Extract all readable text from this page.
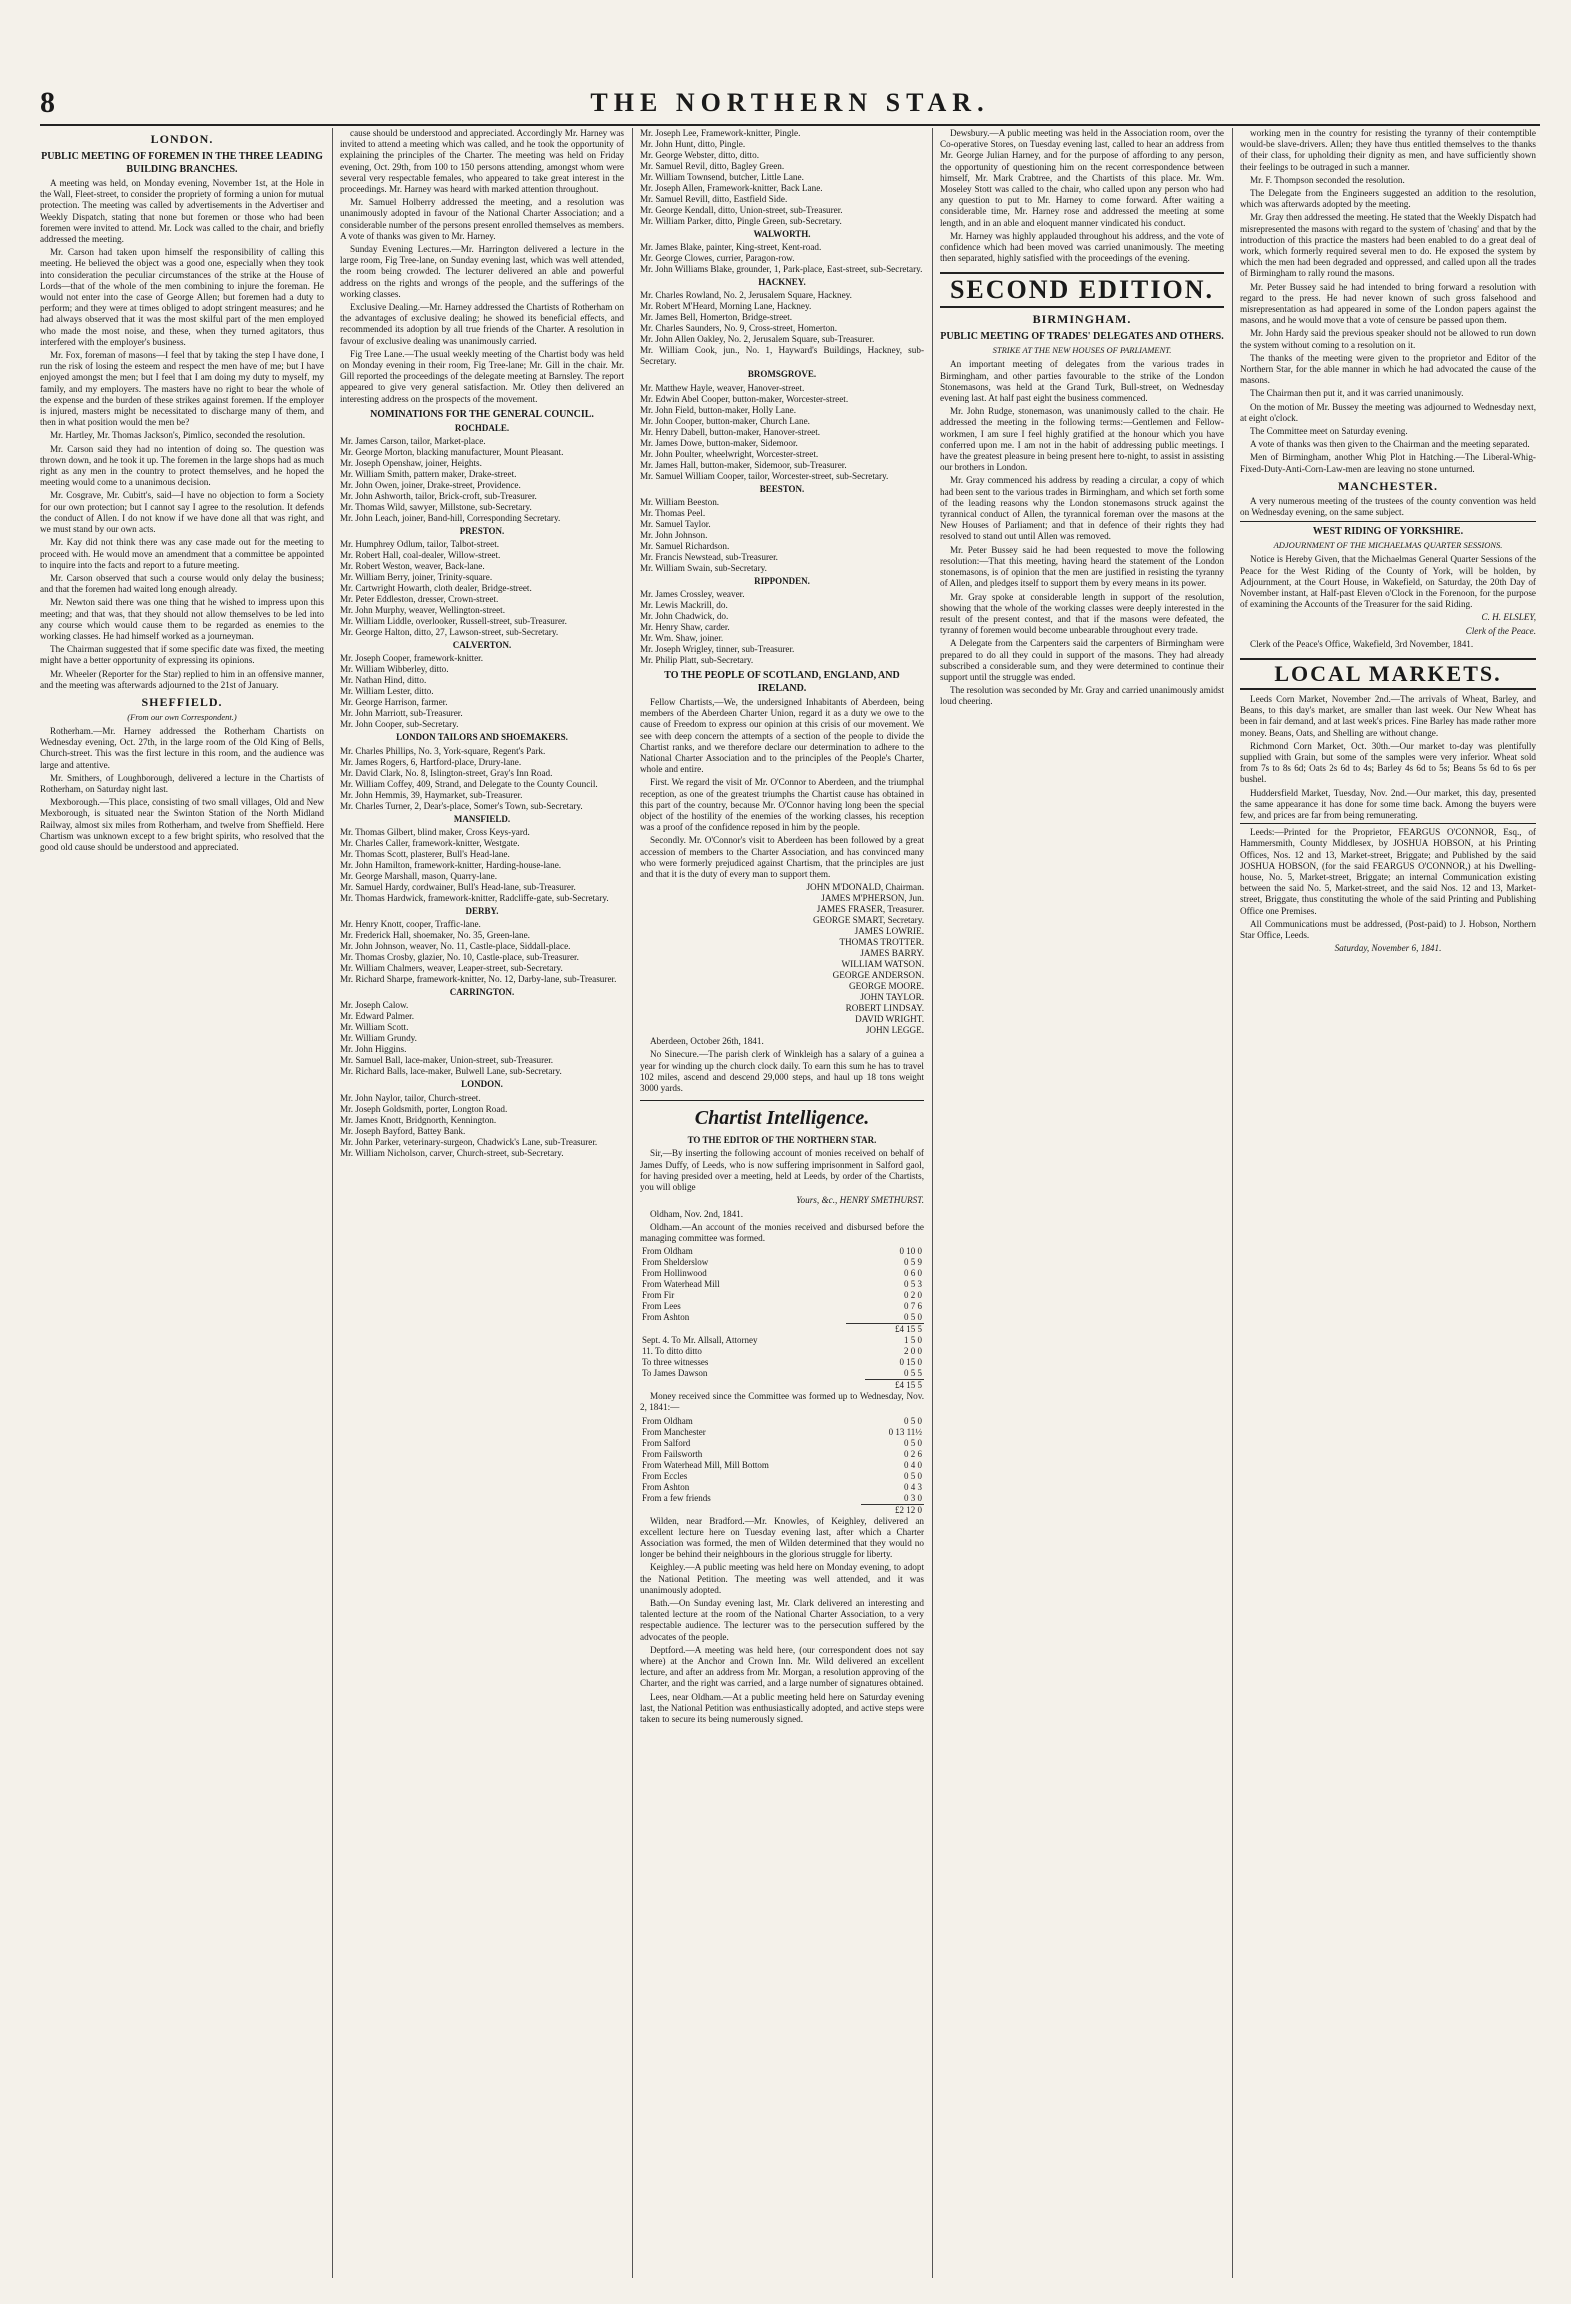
8	THE NORTHERN STAR.
LONDON.
PUBLIC MEETING OF FOREMEN IN THE THREE LEADING BUILDING BRANCHES.

A meeting was held, on Monday evening, November 1st, at the Hole in the Wall, Fleet-street, to consider the propriety of forming a union for mutual protection. The meeting was called by advertisements in the Advertiser and Weekly Dispatch, stating that none but foremen or those who had been foremen were invited to attend. Mr. Lock was called to the chair, and briefly addressed the meeting.

Mr. Carson had taken upon himself the responsibility of calling this meeting. He believed the object was a good one, especially when they took into consideration the peculiar circumstances of the strike at the House of Lords—that of the whole of the men combining to injure the foreman. He would not enter into the case of George Allen; but foremen had a duty to perform; and they were at times obliged to adopt stringent measures; and he had always observed that it was the most skilful part of the men employed who made the most noise, and these, when they turned agitators, thus interfered with the employer's business.

Mr. Fox, foreman of masons—I feel that by taking the step I have done, I run the risk of losing the esteem and respect the men have of me; but I have enjoyed amongst the men; but I feel that I am doing my duty to myself, my family, and my employers. The masters have no right to bear the whole of the expense and the burden of these strikes against foremen. If the employer is injured, masters might be necessitated to discharge many of them, and then in what position would the men be?

Mr. Hartley, Mr. Thomas Jackson's, Pimlico, seconded the resolution.

Mr. Carson said they had no intention of doing so. The question was thrown down, and he took it up. The foremen in the large shops had as much right as any men in the country to protect themselves, and he hoped the meeting would come to a unanimous decision.

Mr. Cosgrave, Mr. Cubitt's, said—I have no objection to form a Society for our own protection; but I cannot say I agree to the resolution. It defends the conduct of Allen. I do not know if we have done all that was right, and we must stand by our own acts.

Mr. Kay did not think there was any case made out for the meeting to proceed with. He would move an amendment that a committee be appointed to inquire into the facts and report to a future meeting.

Mr. Carson observed that such a course would only delay the business; and that the foremen had waited long enough already.

Mr. Newton said there was one thing that he wished to impress upon this meeting; and that was, that they should not allow themselves to be led into any course which would cause them to be regarded as enemies to the working classes. He had himself worked as a journeyman.

The Chairman suggested that if some specific date was fixed, the meeting might have a better opportunity of expressing its opinions.

Mr. Wheeler (Reporter for the Star) replied to him in an offensive manner, and the meeting was afterwards adjourned to the 21st of January.

SHEFFIELD.
(From our own Correspondent.)

Rotherham.—Mr. Harney addressed the Rotherham Chartists on Wednesday evening, Oct. 27th, in the large room of the Old King of Bells, Church-street. This was the first lecture in this room, and the audience was large and attentive.

Mr. Smithers, of Loughborough, delivered a lecture in the Chartists of Rotherham, on Saturday night last.

Mexborough.—This place, consisting of two small villages, Old and New Mexborough, is situated near the Swinton Station of the North Midland Railway, almost six miles from Rotherham, and twelve from Sheffield. Here Chartism was unknown except to a few bright spirits, who resolved that the good old cause should be understood and appreciated.

cause should be understood and appreciated. Accordingly Mr. Harney was invited to attend a meeting which was called, and he took the opportunity of explaining the principles of the Charter. The meeting was held on Friday evening, Oct. 29th, from 100 to 150 persons attending, amongst whom were several very respectable females, who appeared to take great interest in the proceedings. Mr. Harney was heard with marked attention throughout.

Mr. Samuel Holberry addressed the meeting, and a resolution was unanimously adopted in favour of the National Charter Association; and a considerable number of the persons present enrolled themselves as members. A vote of thanks was given to Mr. Harney.

Sunday Evening Lectures.—Mr. Harrington delivered a lecture in the large room, Fig Tree-lane, on Sunday evening last, which was well attended, the room being crowded. The lecturer delivered an able and powerful address on the rights and wrongs of the people, and the sufferings of the working classes.

Exclusive Dealing.—Mr. Harney addressed the Chartists of Rotherham on the advantages of exclusive dealing; he showed its beneficial effects, and recommended its adoption by all true friends of the Charter. A resolution in favour of exclusive dealing was unanimously carried.

Fig Tree Lane.—The usual weekly meeting of the Chartist body was held on Monday evening in their room, Fig Tree-lane; Mr. Gill in the chair. Mr. Gill reported the proceedings of the delegate meeting at Barnsley. The report appeared to give very general satisfaction. Mr. Otley then delivered an interesting address on the prospects of the movement.

NOMINATIONS FOR THE GENERAL COUNCIL.
ROCHDALE.
Mr. James Carson, tailor, Market-place.
Mr. George Morton, blacking manufacturer, Mount Pleasant.
Mr. Joseph Openshaw, joiner, Heights.
Mr. William Smith, pattern maker, Drake-street.
Mr. John Owen, joiner, Drake-street, Providence.
Mr. John Ashworth, tailor, Brick-croft, sub-Treasurer.
Mr. Thomas Wild, sawyer, Millstone, sub-Secretary.
Mr. John Leach, joiner, Band-hill, Corresponding Secretary.
PRESTON.
Mr. Humphrey Odlum, tailor, Talbot-street.
Mr. Robert Hall, coal-dealer, Willow-street.
Mr. Robert Weston, weaver, Back-lane.
Mr. William Berry, joiner, Trinity-square.
Mr. Cartwright Howarth, cloth dealer, Bridge-street.
Mr. Peter Eddleston, dresser, Crown-street.
Mr. John Murphy, weaver, Wellington-street.
Mr. William Liddle, overlooker, Russell-street, sub-Treasurer.
Mr. George Halton, ditto, 27, Lawson-street, sub-Secretary.
CALVERTON.
Mr. Joseph Cooper, framework-knitter.
Mr. William Wibberley, ditto.
Mr. Nathan Hind, ditto.
Mr. William Lester, ditto.
Mr. George Harrison, farmer.
Mr. John Marriott, sub-Treasurer.
Mr. John Cooper, sub-Secretary.
LONDON TAILORS AND SHOEMAKERS.
Mr. Charles Phillips, No. 3, York-square, Regent's Park.
Mr. James Rogers, 6, Hartford-place, Drury-lane.
Mr. David Clark, No. 8, Islington-street, Gray's Inn Road.
Mr. William Coffey, 409, Strand, and Delegate to the County Council.
Mr. John Hemmis, 39, Haymarket, sub-Treasurer.
Mr. Charles Turner, 2, Dear's-place, Somer's Town, sub-Secretary.
MANSFIELD.
Mr. Thomas Gilbert, blind maker, Cross Keys-yard.
Mr. Charles Caller, framework-knitter, Westgate.
Mr. Thomas Scott, plasterer, Bull's Head-lane.
Mr. John Hamilton, framework-knitter, Harding-house-lane.
Mr. George Marshall, mason, Quarry-lane.
Mr. Samuel Hardy, cordwainer, Bull's Head-lane, sub-Treasurer.
Mr. Thomas Hardwick, framework-knitter, Radcliffe-gate, sub-Secretary.
DERBY.
Mr. Henry Knott, cooper, Traffic-lane.
Mr. Frederick Hall, shoemaker, No. 35, Green-lane.
Mr. John Johnson, weaver, No. 11, Castle-place, Siddall-place.
Mr. Thomas Crosby, glazier, No. 10, Castle-place, sub-Treasurer.
Mr. William Chalmers, weaver, Leaper-street, sub-Secretary.
Mr. Richard Sharpe, framework-knitter, No. 12, Darby-lane, sub-Treasurer.
CARRINGTON.
Mr. Joseph Calow.
Mr. Edward Palmer.
Mr. William Scott.
Mr. William Grundy.
Mr. John Higgins.
Mr. Samuel Ball, lace-maker, Union-street, sub-Treasurer.
Mr. Richard Balls, lace-maker, Bulwell Lane, sub-Secretary.
LONDON.
Mr. John Naylor, tailor, Church-street.
Mr. Joseph Goldsmith, porter, Longton Road.
Mr. James Knott, Bridgnorth, Kennington.
Mr. Joseph Bayford, Battey Bank.
Mr. John Parker, veterinary-surgeon, Chadwick's Lane, sub-Treasurer.
Mr. William Nicholson, carver, Church-street, sub-Secretary.
Mr. Joseph Lee, Framework-knitter, Pingle.
Mr. John Hunt, ditto, Pingle.
Mr. George Webster, ditto, ditto.
Mr. Samuel Revil, ditto, Bagley Green.
Mr. William Townsend, butcher, Little Lane.
Mr. Joseph Allen, Framework-knitter, Back Lane.
Mr. Samuel Revill, ditto, Eastfield Side.
Mr. George Kendall, ditto, Union-street, sub-Treasurer.
Mr. William Parker, ditto, Pingle Green, sub-Secretary.
WALWORTH.
Mr. James Blake, painter, King-street, Kent-road.
Mr. George Clowes, currier, Paragon-row.
Mr. John Williams Blake, grounder, 1, Park-place, East-street, sub-Secretary.
HACKNEY.
Mr. Charles Rowland, No. 2, Jerusalem Square, Hackney.
Mr. Robert M'Heard, Morning Lane, Hackney.
Mr. James Bell, Homerton, Bridge-street.
Mr. Charles Saunders, No. 9, Cross-street, Homerton.
Mr. John Allen Oakley, No. 2, Jerusalem Square, sub-Treasurer.
Mr. William Cook, jun., No. 1, Hayward's Buildings, Hackney, sub-Secretary.
BROMSGROVE.
Mr. Matthew Hayle, weaver, Hanover-street.
Mr. Edwin Abel Cooper, button-maker, Worcester-street.
Mr. John Field, button-maker, Holly Lane.
Mr. John Cooper, button-maker, Church Lane.
Mr. Henry Dabell, button-maker, Hanover-street.
Mr. James Dowe, button-maker, Sidemoor.
Mr. John Poulter, wheelwright, Worcester-street.
Mr. James Hall, button-maker, Sidemoor, sub-Treasurer.
Mr. Samuel William Cooper, tailor, Worcester-street, sub-Secretary.
BEESTON.
Mr. William Beeston.
Mr. Thomas Peel.
Mr. Samuel Taylor.
Mr. John Johnson.
Mr. Samuel Richardson.
Mr. Francis Newstead, sub-Treasurer.
Mr. William Swain, sub-Secretary.
RIPPONDEN.
Mr. James Crossley, weaver.
Mr. Lewis Mackrill, do.
Mr. John Chadwick, do.
Mr. Henry Shaw, carder.
Mr. Wm. Shaw, joiner.
Mr. Joseph Wrigley, tinner, sub-Treasurer.
Mr. Philip Platt, sub-Secretary.
TO THE PEOPLE OF SCOTLAND, ENGLAND, AND IRELAND.

Fellow Chartists,—We, the undersigned Inhabitants of Aberdeen, being members of the Aberdeen Charter Union, regard it as a duty we owe to the cause of Freedom to express our opinion at this crisis of our movement. We see with deep concern the attempts of a section of the people to divide the Chartist ranks, and we therefore declare our determination to adhere to the National Charter Association and to the principles of the People's Charter, whole and entire.

First. We regard the visit of Mr. O'Connor to Aberdeen, and the triumphal reception, as one of the greatest triumphs the Chartist cause has obtained in this part of the country, because Mr. O'Connor having long been the special object of the hostility of the enemies of the working classes, his reception was a proof of the confidence reposed in him by the people.

Secondly. Mr. O'Connor's visit to Aberdeen has been followed by a great accession of members to the Charter Association, and has convinced many who were formerly prejudiced against Chartism, that the principles are just and that it is the duty of every man to support them.

JOHN M'DONALD, Chairman.
JAMES M'PHERSON, Jun.
JAMES FRASER, Treasurer.
GEORGE SMART, Secretary.
JAMES LOWRIE.
THOMAS TROTTER.
JAMES BARRY.
WILLIAM WATSON.
GEORGE ANDERSON.
GEORGE MOORE.
JOHN TAYLOR.
ROBERT LINDSAY.
DAVID WRIGHT.
JOHN LEGGE.

Aberdeen, October 26th, 1841.

No Sinecure.—The parish clerk of Winkleigh has a salary of a guinea a year for winding up the church clock daily. To earn this sum he has to travel 102 miles, ascend and descend 29,000 steps, and haul up 18 tons weight 3000 yards.

Chartist Intelligence.
TO THE EDITOR OF THE NORTHERN STAR.

Sir,—By inserting the following account of monies received on behalf of James Duffy, of Leeds, who is now suffering imprisonment in Salford gaol, for having presided over a meeting, held at Leeds, by order of the Chartists, you will oblige

Yours, &c., HENRY SMETHURST.

Oldham, Nov. 2nd, 1841.

Oldham.—An account of the monies received and disbursed before the managing committee was formed.

From Oldham	0 10 0
From Shelderslow	0 5 9
From Hollinwood	0 6 0
From Waterhead Mill	0 5 3
From Fir	0 2 0
From Lees	0 7 6
From Ashton	0 5 0
	£4 15 5
Sept. 4. To Mr. Allsall, Attorney	1 5 0
11. To ditto ditto	2 0 0
To three witnesses	0 15 0
To James Dawson	0 5 5
	£4 15 5

Money received since the Committee was formed up to Wednesday, Nov. 2, 1841:—

From Oldham	0 5 0
From Manchester	0 13 11½
From Salford	0 5 0
From Failsworth	0 2 6
From Waterhead Mill, Mill Bottom	0 4 0
From Eccles	0 5 0
From Ashton	0 4 3
From a few friends	0 3 0
	£2 12 0

Wilden, near Bradford.—Mr. Knowles, of Keighley, delivered an excellent lecture here on Tuesday evening last, after which a Charter Association was formed, the men of Wilden determined that they would no longer be behind their neighbours in the glorious struggle for liberty.

Keighley.—A public meeting was held here on Monday evening, to adopt the National Petition. The meeting was well attended, and it was unanimously adopted.

Bath.—On Sunday evening last, Mr. Clark delivered an interesting and talented lecture at the room of the National Charter Association, to a very respectable audience. The lecturer was to the persecution suffered by the advocates of the people.

Deptford.—A meeting was held here, (our correspondent does not say where) at the Anchor and Crown Inn. Mr. Wild delivered an excellent lecture, and after an address from Mr. Morgan, a resolution approving of the Charter, and the right was carried, and a large number of signatures obtained.

Lees, near Oldham.—At a public meeting held here on Saturday evening last, the National Petition was enthusiastically adopted, and active steps were taken to secure its being numerously signed.

Dewsbury.—A public meeting was held in the Association room, over the Co-operative Stores, on Tuesday evening last, called to hear an address from Mr. George Julian Harney, and for the purpose of affording to any person, the opportunity of questioning him on the recent correspondence between himself, Mr. Mark Crabtree, and the Chartists of this place. Mr. Wm. Moseley Stott was called to the chair, who called upon any person who had any question to put to Mr. Harney to come forward. After waiting a considerable time, Mr. Harney rose and addressed the meeting at some length, and in an able and eloquent manner vindicated his conduct.

Mr. Harney was highly applauded throughout his address, and the vote of confidence which had been moved was carried unanimously. The meeting then separated, highly satisfied with the proceedings of the evening.

SECOND EDITION.
BIRMINGHAM.
PUBLIC MEETING OF TRADES' DELEGATES AND OTHERS.
STRIKE AT THE NEW HOUSES OF PARLIAMENT.

An important meeting of delegates from the various trades in Birmingham, and other parties favourable to the strike of the London Stonemasons, was held at the Grand Turk, Bull-street, on Wednesday evening last. At half past eight the business commenced.

Mr. John Rudge, stonemason, was unanimously called to the chair. He addressed the meeting in the following terms:—Gentlemen and Fellow-workmen, I am sure I feel highly gratified at the honour which you have conferred upon me. I am not in the habit of addressing public meetings. I have the greatest pleasure in being present here to-night, to assist in assisting our brothers in London.

Mr. Gray commenced his address by reading a circular, a copy of which had been sent to the various trades in Birmingham, and which set forth some of the leading reasons why the London stonemasons struck against the tyrannical conduct of Allen, the tyrannical foreman over the masons at the New Houses of Parliament; and that in defence of their rights they had resolved to stand out until Allen was removed.

Mr. Peter Bussey said he had been requested to move the following resolution:—That this meeting, having heard the statement of the London stonemasons, is of opinion that the men are justified in resisting the tyranny of Allen, and pledges itself to support them by every means in its power.

Mr. Gray spoke at considerable length in support of the resolution, showing that the whole of the working classes were deeply interested in the result of the present contest, and that if the masons were defeated, the tyranny of foremen would become unbearable throughout every trade.

A Delegate from the Carpenters said the carpenters of Birmingham were prepared to do all they could in support of the masons. They had already subscribed a considerable sum, and they were determined to continue their support until the struggle was ended.

The resolution was seconded by Mr. Gray and carried unanimously amidst loud cheering.

working men in the country for resisting the tyranny of their contemptible would-be slave-drivers. Allen; they have thus entitled themselves to the thanks of their class, for upholding their dignity as men, and have sufficiently shown their feelings to be outraged in such a manner.

Mr. F. Thompson seconded the resolution.

The Delegate from the Engineers suggested an addition to the resolution, which was afterwards adopted by the meeting.

Mr. Gray then addressed the meeting. He stated that the Weekly Dispatch had misrepresented the masons with regard to the system of 'chasing' and that by the introduction of this practice the masters had been enabled to do a great deal of work, which formerly required several men to do. He exposed the system by which the men had been degraded and oppressed, and called upon all the trades of Birmingham to rally round the masons.

Mr. Peter Bussey said he had intended to bring forward a resolution with regard to the press. He had never known of such gross falsehood and misrepresentation as had appeared in some of the London papers against the masons, and he would move that a vote of censure be passed upon them.

Mr. John Hardy said the previous speaker should not be allowed to run down the system without coming to a resolution on it.

The thanks of the meeting were given to the proprietor and Editor of the Northern Star, for the able manner in which he had advocated the cause of the masons.

The Chairman then put it, and it was carried unanimously.

On the motion of Mr. Bussey the meeting was adjourned to Wednesday next, at eight o'clock.

The Committee meet on Saturday evening.

A vote of thanks was then given to the Chairman and the meeting separated.

Men of Birmingham, another Whig Plot in Hatching.—The Liberal-Whig-Fixed-Duty-Anti-Corn-Law-men are leaving no stone unturned.

MANCHESTER.

A very numerous meeting of the trustees of the county convention was held on Wednesday evening, on the same subject.

WEST RIDING OF YORKSHIRE.
ADJOURNMENT OF THE MICHAELMAS QUARTER SESSIONS.

Notice is Hereby Given, that the Michaelmas General Quarter Sessions of the Peace for the West Riding of the County of York, will be holden, by Adjournment, at the Court House, in Wakefield, on Saturday, the 20th Day of November instant, at Half-past Eleven o'Clock in the Forenoon, for the purpose of examining the Accounts of the Treasurer for the said Riding.

C. H. ELSLEY,
Clerk of the Peace.

Clerk of the Peace's Office, Wakefield, 3rd November, 1841.

LOCAL MARKETS.

Leeds Corn Market, November 2nd.—The arrivals of Wheat, Barley, and Beans, to this day's market, are smaller than last week. Our New Wheat has been in fair demand, and at last week's prices. Fine Barley has made rather more money. Beans, Oats, and Shelling are without change.

Richmond Corn Market, Oct. 30th.—Our market to-day was plentifully supplied with Grain, but some of the samples were very inferior. Wheat sold from 7s to 8s 6d; Oats 2s 6d to 4s; Barley 4s 6d to 5s; Beans 5s 6d to 6s per bushel.

Huddersfield Market, Tuesday, Nov. 2nd.—Our market, this day, presented the same appearance it has done for some time back. Among the buyers were few, and prices are far from being remunerating.

Leeds:—Printed for the Proprietor, FEARGUS O'CONNOR, Esq., of Hammersmith, County Middlesex, by JOSHUA HOBSON, at his Printing Offices, Nos. 12 and 13, Market-street, Briggate; and Published by the said JOSHUA HOBSON, (for the said FEARGUS O'CONNOR,) at his Dwelling-house, No. 5, Market-street, Briggate; an internal Communication existing between the said No. 5, Market-street, and the said Nos. 12 and 13, Market-street, Briggate, thus constituting the whole of the said Printing and Publishing Office one Premises.

All Communications must be addressed, (Post-paid) to J. Hobson, Northern Star Office, Leeds.

Saturday, November 6, 1841.
